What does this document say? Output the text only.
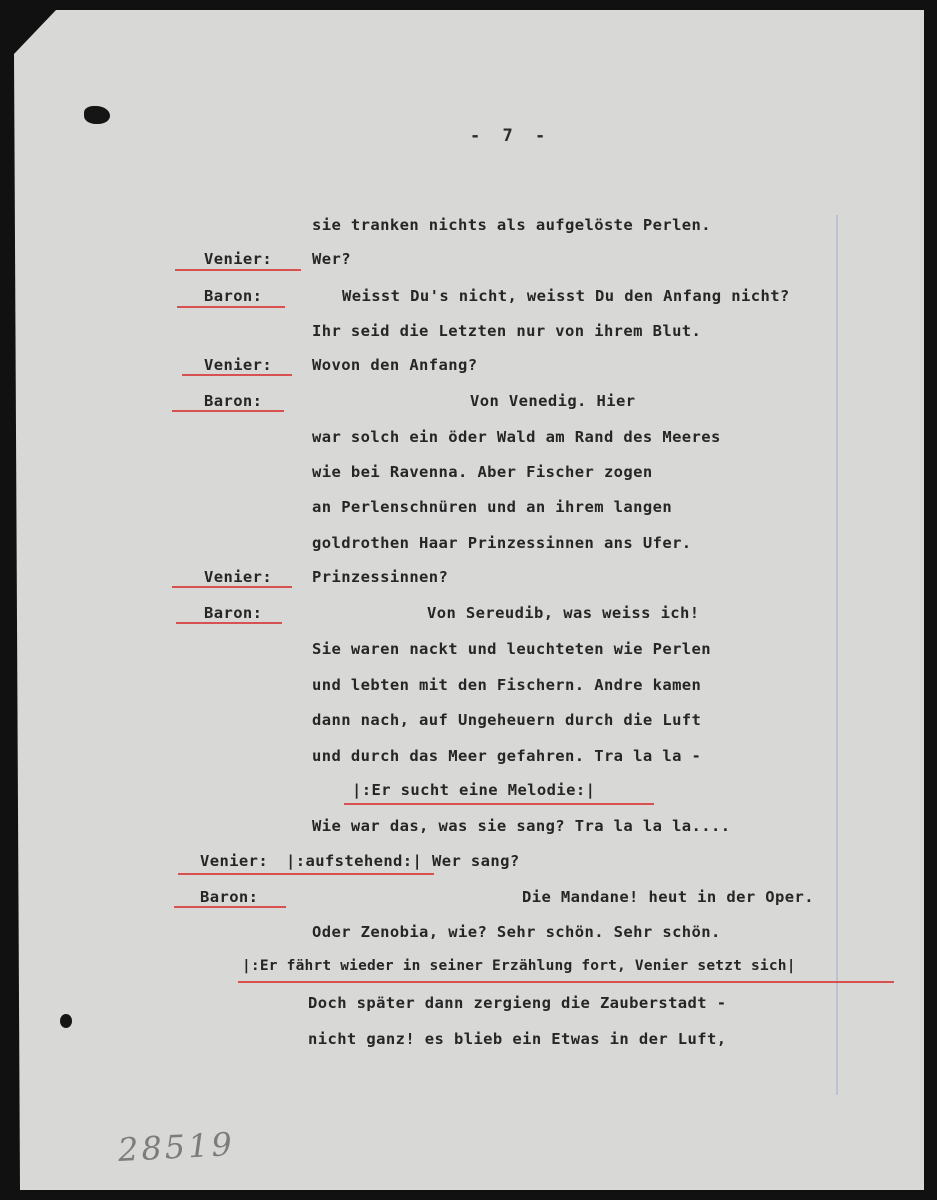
- 7 -
sie tranken nichts als aufgelöste Perlen.
Venier:	Wer?
Baron:	Weisst Du's nicht, weisst Du den Anfang nicht?
Ihr seid die Letzten nur von ihrem Blut.
Venier:	Wovon den Anfang?
Baron:	Von Venedig. Hier
war solch ein öder Wald am Rand des Meeres
wie bei Ravenna. Aber Fischer zogen
an Perlenschnüren und an ihrem langen
goldrothen Haar Prinzessinnen ans Ufer.
Venier:	Prinzessinnen?
Baron:	Von Sereudib, was weiss ich!
Sie waren nackt und leuchteten wie Perlen
und lebten mit den Fischern. Andre kamen
dann nach, auf Ungeheuern durch die Luft
und durch das Meer gefahren. Tra la la -
|:Er sucht eine Melodie:|
Wie war das, was sie sang? Tra la la la....
Venier: |:aufstehend:| Wer sang?
Baron:	Die Mandane! heut in der Oper.
Oder Zenobia, wie? Sehr schön. Sehr schön.
|:Er fährt wieder in seiner Erzählung fort, Venier setzt sich|
Doch später dann zergieng die Zauberstadt -
nicht ganz! es blieb ein Etwas in der Luft,
28519
